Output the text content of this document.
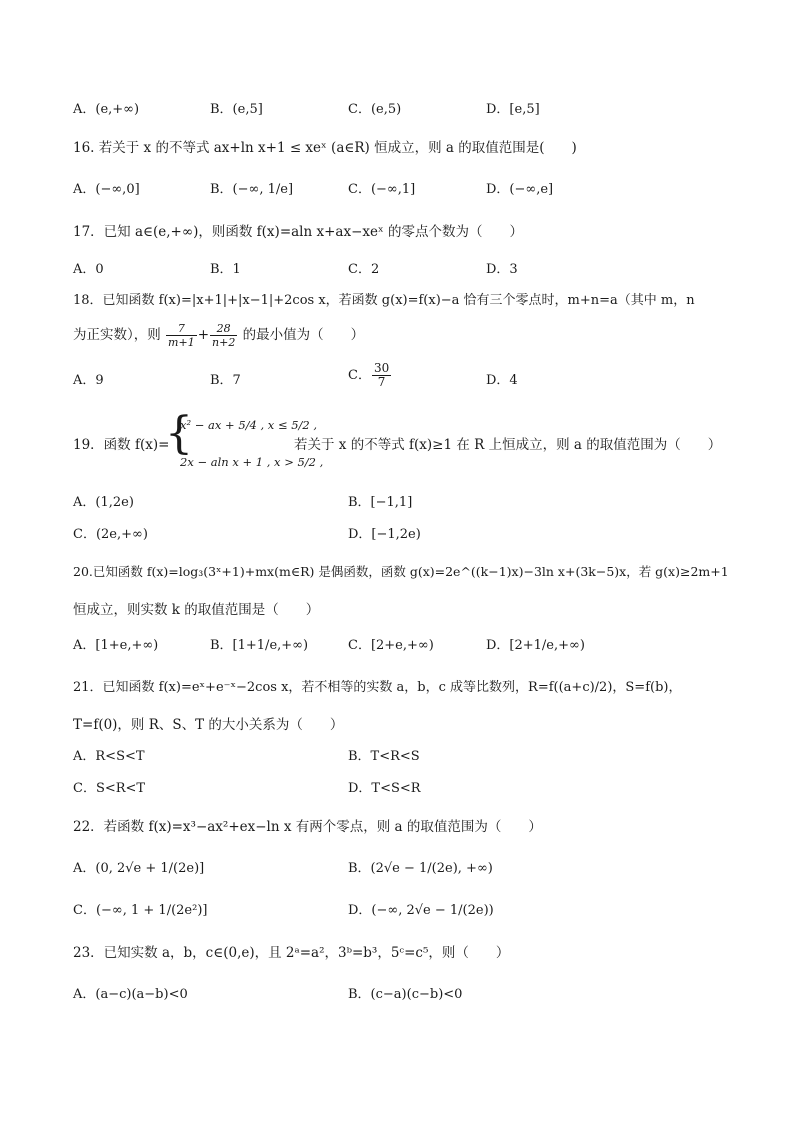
A．(e,+∞)	B．(e,5]	C．(e,5)	D．[e,5]
16. 若关于 x 的不等式 ax+ln x+1 ≤ xeˣ (a∈R) 恒成立，则 a 的取值范围是(　　)
A．(−∞,0]	B．(−∞, 1/e]	C．(−∞,1]	D．(−∞,e]
17．已知 a∈(e,+∞)，则函数 f(x)=aln x+ax−xeˣ 的零点个数为（　　）
A．0	B．1	C．2	D．3
18．已知函数 f(x)=|x+1|+|x−1|+2cos x，若函数 g(x)=f(x)−a 恰有三个零点时，m+n=a（其中 m，n
为正实数），则 $\frac{7}{m+1} + \frac{28}{n+2}$ 的最小值为（　　）
A．9	B．7	C． $\frac{30}{7}$	D．4
19．函数 f(x)=
{
x² − ax + 5/4 , x ≤ 5/2 ,
2x − aln x + 1 , x > 5/2 ,
若关于 x 的不等式 f(x)≥1 在 R 上恒成立，则 a 的取值范围为（　　）
A．(1,2e)	B．[−1,1]
C．(2e,+∞)	D．[−1,2e)
20.已知函数 f(x)=log₃(3ˣ+1)+mx(m∈R) 是偶函数，函数 g(x)=2e^((k−1)x)−3ln x+(3k−5)x，若 g(x)≥2m+1
恒成立，则实数 k 的取值范围是（　　）
A．[1+e,+∞)	B．[1+1/e,+∞)	C．[2+e,+∞)	D．[2+1/e,+∞)
21．已知函数 f(x)=eˣ+e⁻ˣ−2cos x，若不相等的实数 a，b，c 成等比数列，R=f((a+c)/2)，S=f(b)，
T=f(0)，则 R、S、T 的大小关系为（　　）
A．R<S<T	B．T<R<S
C．S<R<T	D．T<S<R
22．若函数 f(x)=x³−ax²+ex−ln x 有两个零点，则 a 的取值范围为（　　）
A．(0, 2√e + 1/(2e)]	B．(2√e − 1/(2e), +∞)
C．(−∞, 1 + 1/(2e²)]	D．(−∞, 2√e − 1/(2e))
23．已知实数 a，b，c∈(0,e)，且 2ᵃ=a²，3ᵇ=b³，5ᶜ=c⁵，则（　　）
A．(a−c)(a−b)<0	B．(c−a)(c−b)<0
